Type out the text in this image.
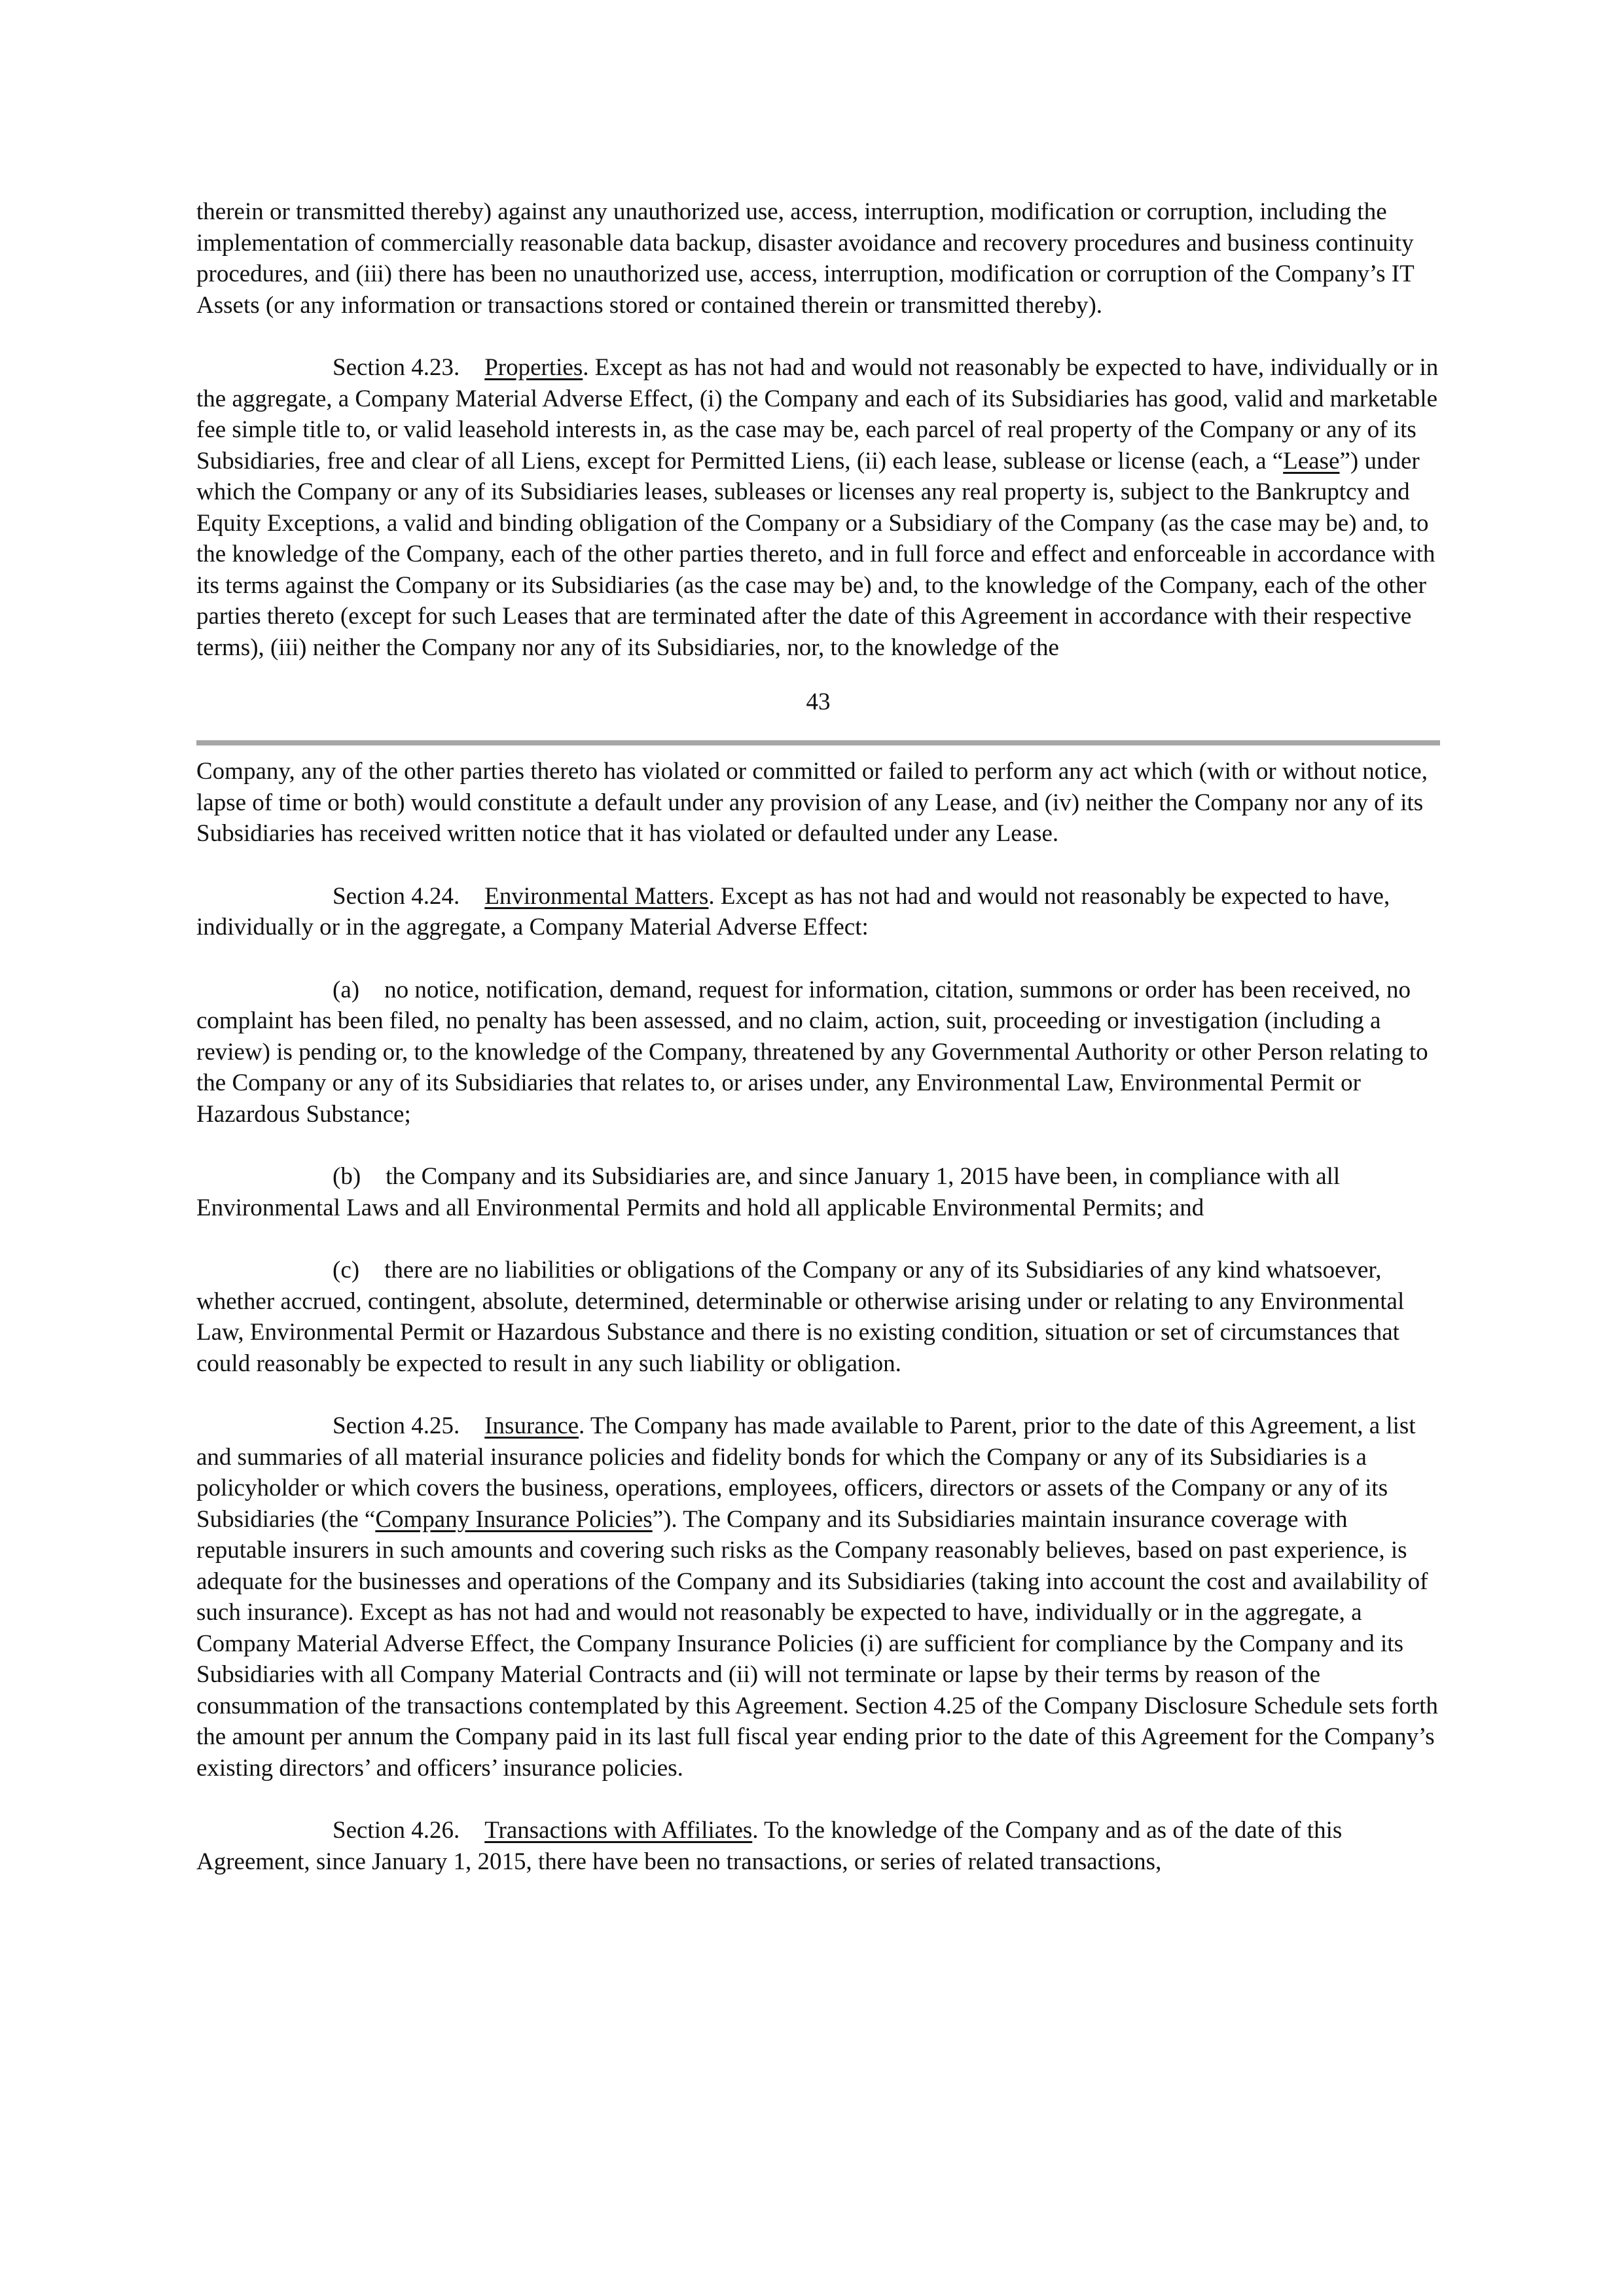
therein or transmitted thereby) against any unauthorized use, access, interruption, modification or corruption, including the implementation of commercially reasonable data backup, disaster avoidance and recovery procedures and business continuity procedures, and (iii) there has been no unauthorized use, access, interruption, modification or corruption of the Company’s IT Assets (or any information or transactions stored or contained therein or transmitted thereby).

Section 4.23. Properties. Except as has not had and would not reasonably be expected to have, individually or in the aggregate, a Company Material Adverse Effect, (i) the Company and each of its Subsidiaries has good, valid and marketable fee simple title to, or valid leasehold interests in, as the case may be, each parcel of real property of the Company or any of its Subsidiaries, free and clear of all Liens, except for Permitted Liens, (ii) each lease, sublease or license (each, a “Lease”) under which the Company or any of its Subsidiaries leases, subleases or licenses any real property is, subject to the Bankruptcy and Equity Exceptions, a valid and binding obligation of the Company or a Subsidiary of the Company (as the case may be) and, to the knowledge of the Company, each of the other parties thereto, and in full force and effect and enforceable in accordance with its terms against the Company or its Subsidiaries (as the case may be) and, to the knowledge of the Company, each of the other parties thereto (except for such Leases that are terminated after the date of this Agreement in accordance with their respective terms), (iii) neither the Company nor any of its Subsidiaries, nor, to the knowledge of the

43

Company, any of the other parties thereto has violated or committed or failed to perform any act which (with or without notice, lapse of time or both) would constitute a default under any provision of any Lease, and (iv) neither the Company nor any of its Subsidiaries has received written notice that it has violated or defaulted under any Lease.

Section 4.24. Environmental Matters. Except as has not had and would not reasonably be expected to have, individually or in the aggregate, a Company Material Adverse Effect:

(a) no notice, notification, demand, request for information, citation, summons or order has been received, no complaint has been filed, no penalty has been assessed, and no claim, action, suit, proceeding or investigation (including a review) is pending or, to the knowledge of the Company, threatened by any Governmental Authority or other Person relating to the Company or any of its Subsidiaries that relates to, or arises under, any Environmental Law, Environmental Permit or Hazardous Substance;

(b) the Company and its Subsidiaries are, and since January 1, 2015 have been, in compliance with all Environmental Laws and all Environmental Permits and hold all applicable Environmental Permits; and

(c) there are no liabilities or obligations of the Company or any of its Subsidiaries of any kind whatsoever, whether accrued, contingent, absolute, determined, determinable or otherwise arising under or relating to any Environmental Law, Environmental Permit or Hazardous Substance and there is no existing condition, situation or set of circumstances that could reasonably be expected to result in any such liability or obligation.

Section 4.25. Insurance. The Company has made available to Parent, prior to the date of this Agreement, a list and summaries of all material insurance policies and fidelity bonds for which the Company or any of its Subsidiaries is a policyholder or which covers the business, operations, employees, officers, directors or assets of the Company or any of its Subsidiaries (the “Company Insurance Policies”). The Company and its Subsidiaries maintain insurance coverage with reputable insurers in such amounts and covering such risks as the Company reasonably believes, based on past experience, is adequate for the businesses and operations of the Company and its Subsidiaries (taking into account the cost and availability of such insurance). Except as has not had and would not reasonably be expected to have, individually or in the aggregate, a Company Material Adverse Effect, the Company Insurance Policies (i) are sufficient for compliance by the Company and its Subsidiaries with all Company Material Contracts and (ii) will not terminate or lapse by their terms by reason of the consummation of the transactions contemplated by this Agreement. Section 4.25 of the Company Disclosure Schedule sets forth the amount per annum the Company paid in its last full fiscal year ending prior to the date of this Agreement for the Company’s existing directors’ and officers’ insurance policies.

Section 4.26. Transactions with Affiliates. To the knowledge of the Company and as of the date of this Agreement, since January 1, 2015, there have been no transactions, or series of related transactions,
